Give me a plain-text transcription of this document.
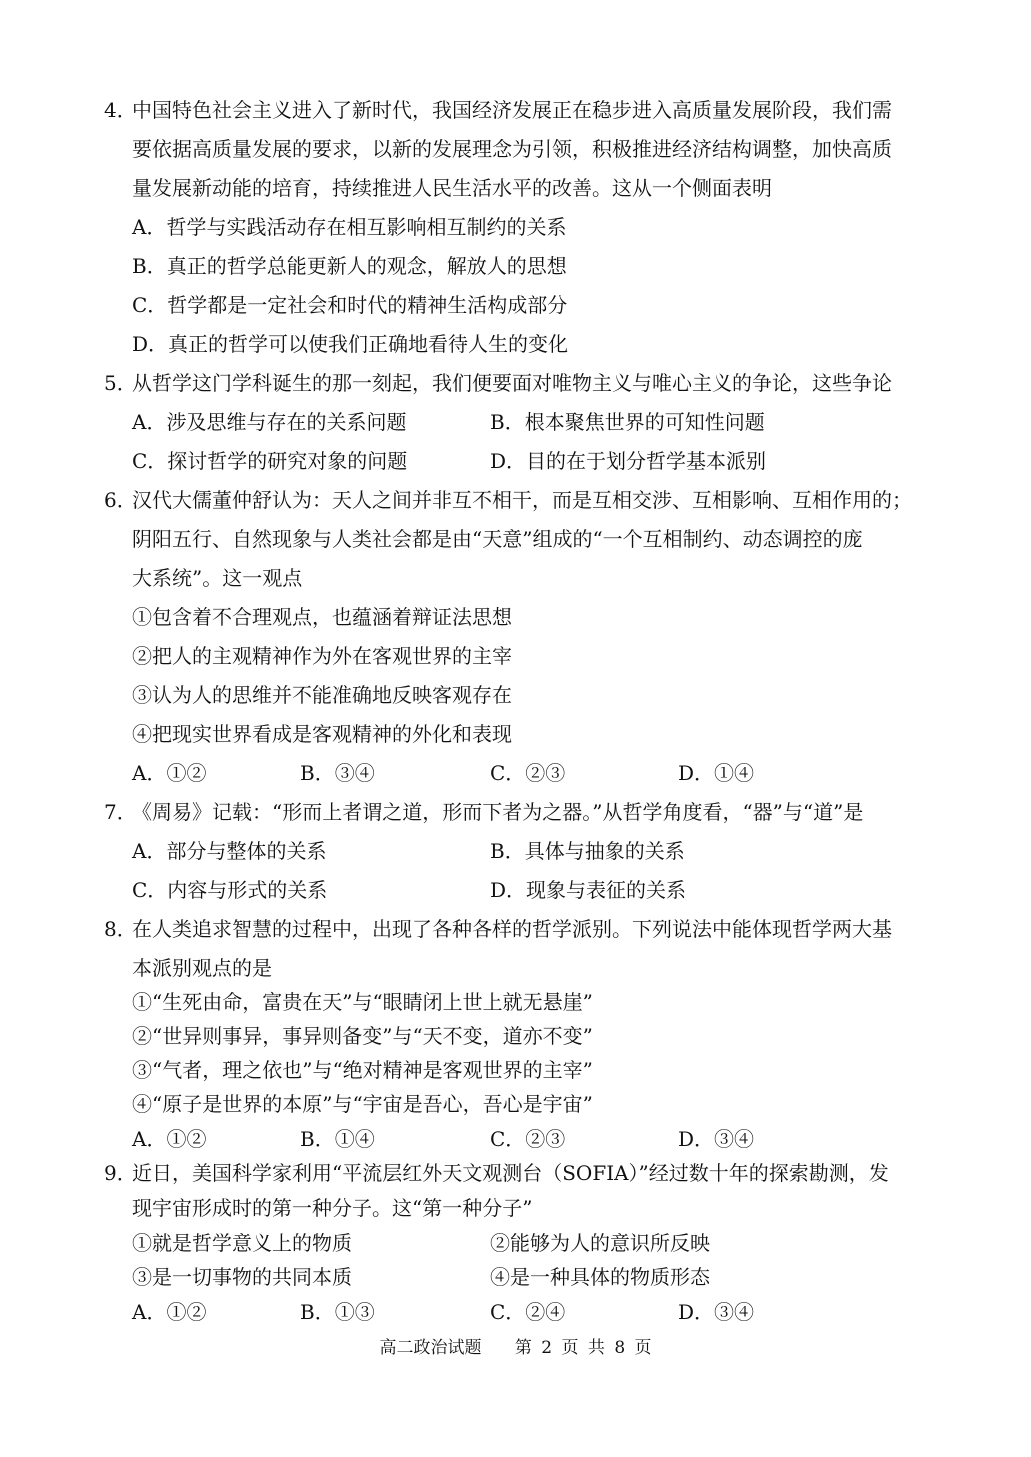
4．中国特色社会主义进入了新时代，我国经济发展正在稳步进入高质量发展阶段，我们需
要依据高质量发展的要求，以新的发展理念为引领，积极推进经济结构调整，加快高质
量发展新动能的培育，持续推进人民生活水平的改善。这从一个侧面表明
A．哲学与实践活动存在相互影响相互制约的关系
B．真正的哲学总能更新人的观念，解放人的思想
C．哲学都是一定社会和时代的精神生活构成部分
D．真正的哲学可以使我们正确地看待人生的变化
5．从哲学这门学科诞生的那一刻起，我们便要面对唯物主义与唯心主义的争论，这些争论
A．涉及思维与存在的关系问题	B．根本聚焦世界的可知性问题
C．探讨哲学的研究对象的问题	D．目的在于划分哲学基本派别
6．汉代大儒董仲舒认为：天人之间并非互不相干，而是互相交涉、互相影响、互相作用的；
阴阳五行、自然现象与人类社会都是由“天意”组成的“一个互相制约、动态调控的庞
大系统”。这一观点
①包含着不合理观点，也蕴涵着辩证法思想
②把人的主观精神作为外在客观世界的主宰
③认为人的思维并不能准确地反映客观存在
④把现实世界看成是客观精神的外化和表现
A．①②	B．③④	C．②③	D．①④
7．《周易》记载：“形而上者谓之道，形而下者为之器。”从哲学角度看，“器”与“道”是
A．部分与整体的关系	B．具体与抽象的关系
C．内容与形式的关系	D．现象与表征的关系
8．在人类追求智慧的过程中，出现了各种各样的哲学派别。下列说法中能体现哲学两大基
本派别观点的是
①“生死由命，富贵在天”与“眼睛闭上世上就无悬崖”
②“世异则事异，事异则备变”与“天不变，道亦不变”
③“气者，理之依也”与“绝对精神是客观世界的主宰”
④“原子是世界的本原”与“宇宙是吾心，吾心是宇宙”
A．①②	B．①④	C．②③	D．③④
9．近日，美国科学家利用“平流层红外天文观测台（SOFIA）”经过数十年的探索勘测，发
现宇宙形成时的第一种分子。这“第一种分子”
①就是哲学意义上的物质	②能够为人的意识所反映
③是一切事物的共同本质	④是一种具体的物质形态
A．①②	B．①③	C．②④	D．③④
高二政治试题 第 2 页 共 8 页
